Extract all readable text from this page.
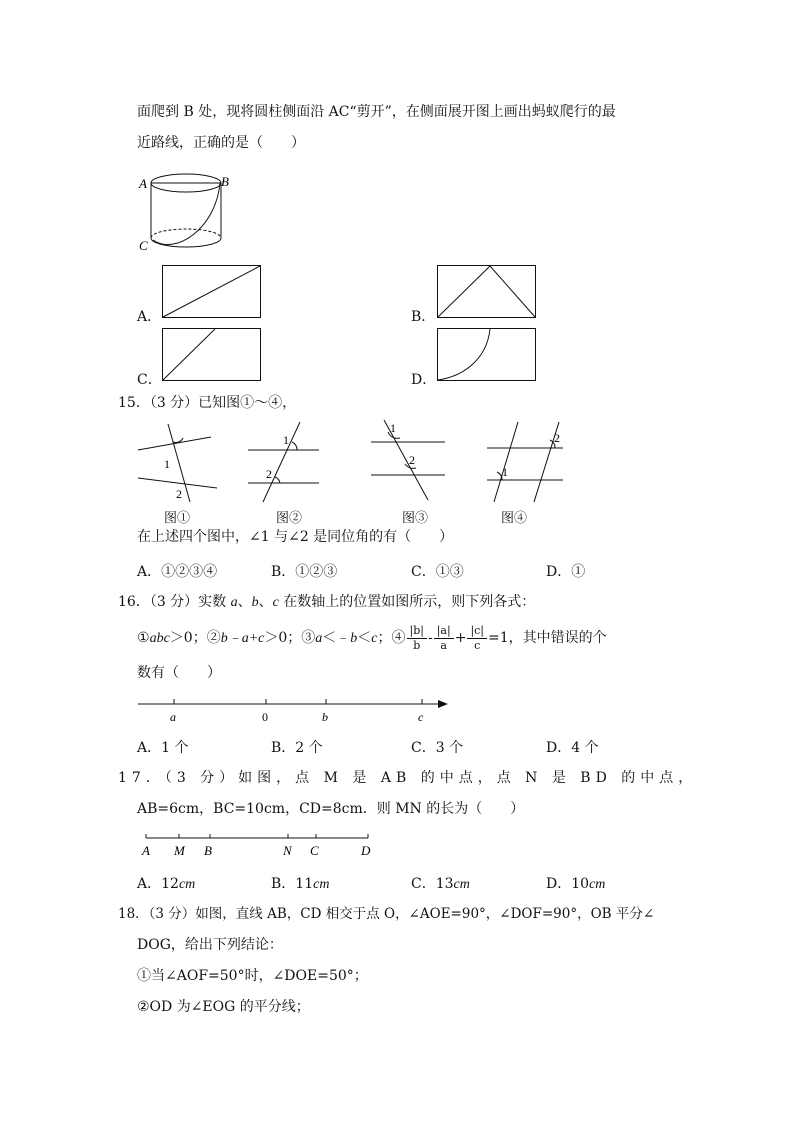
面爬到 B 处，现将圆柱侧面沿 AC“剪开”，在侧面展开图上画出蚂蚁爬行的最
近路线，正确的是（　　）
A	B
C
A．	B．
C．	D．
15．（3 分）已知图①～④，
1
2
图①
1
2
图②
1
2
图③
1
2
图④
在上述四个图中，∠1 与∠2 是同位角的有（　　）
A．①②③④	B．①②③	C．①③	D．①
16．（3 分）实数 a、b、c 在数轴上的位置如图所示，则下列各式：
①abc＞0；②b﹣a+c＞0；③a＜﹣b＜c；④ $\frac{|b|}{b} - \frac{|a|}{a} + \frac{|c|}{c} =1$，其中错误的个
数有（　　）
a	0	b	c
A．1 个	B．2 个	C．3 个	D．4 个
17．（3 分）如图，点 M 是 AB 的中点，点 N 是 BD 的中点，
AB=6cm，BC=10cm，CD=8cm．则 MN 的长为（　　）
A M B	N C	D
A．12cm	B．11cm	C．13cm	D．10cm
18．（3 分）如图，直线 AB，CD 相交于点 O，∠AOE=90°，∠DOF=90°，OB 平分∠
DOG，给出下列结论：
①当∠AOF=50°时，∠DOE=50°；
②OD 为∠EOG 的平分线；
